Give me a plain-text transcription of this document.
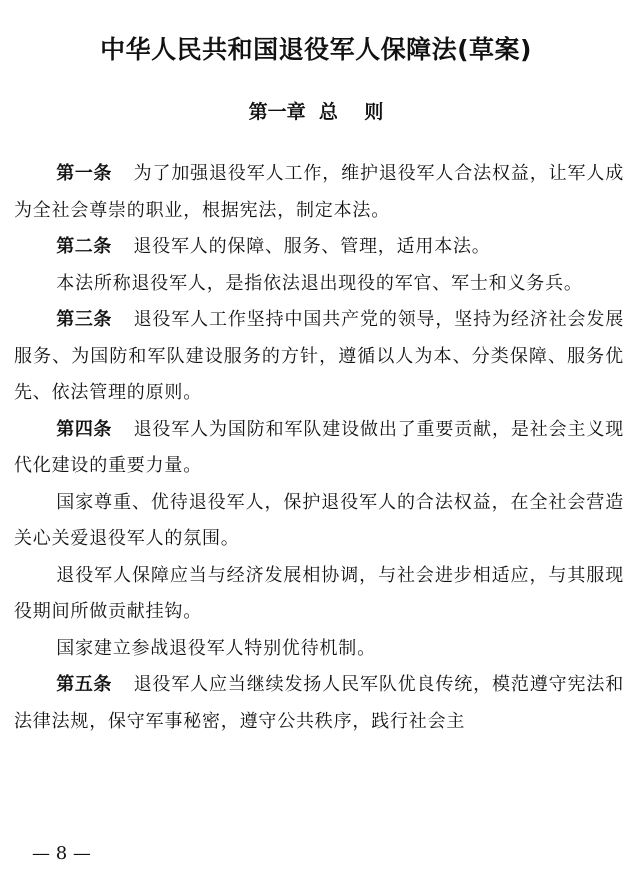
中华人民共和国退役军人保障法(草案)
第一章  总    则

第一条 为了加强退役军人工作，维护退役军人合法权益，让军人成为全社会尊崇的职业，根据宪法，制定本法。

第二条 退役军人的保障、服务、管理，适用本法。

本法所称退役军人，是指依法退出现役的军官、军士和义务兵。

第三条 退役军人工作坚持中国共产党的领导，坚持为经济社会发展服务、为国防和军队建设服务的方针，遵循以人为本、分类保障、服务优先、依法管理的原则。

第四条 退役军人为国防和军队建设做出了重要贡献，是社会主义现代化建设的重要力量。

国家尊重、优待退役军人，保护退役军人的合法权益，在全社会营造关心关爱退役军人的氛围。

退役军人保障应当与经济发展相协调，与社会进步相适应，与其服现役期间所做贡献挂钩。

国家建立参战退役军人特别优待机制。

第五条 退役军人应当继续发扬人民军队优良传统，模范遵守宪法和法律法规，保守军事秘密，遵守公共秩序，践行社会主

— 8 —
